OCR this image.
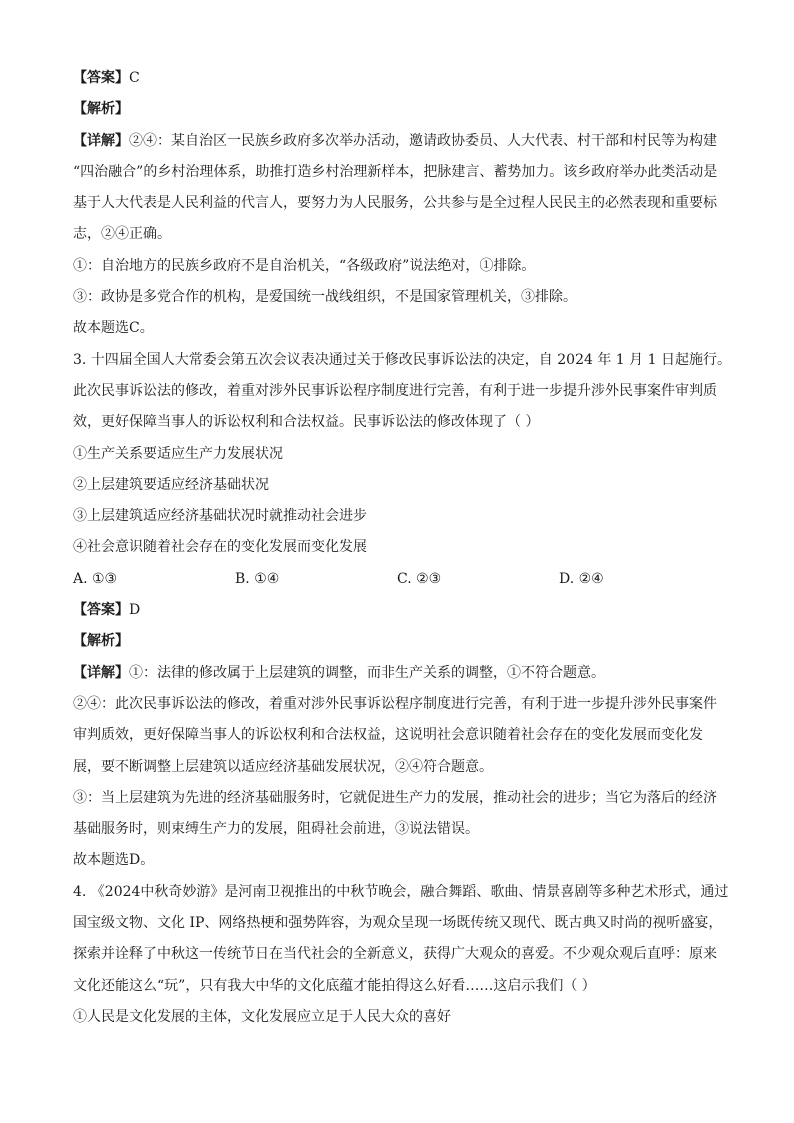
【答案】C
【解析】
【详解】②④：某自治区一民族乡政府多次举办活动，邀请政协委员、人大代表、村干部和村民等为构建
“四治融合”的乡村治理体系，助推打造乡村治理新样本，把脉建言、蓄势加力。该乡政府举办此类活动是
基于人大代表是人民利益的代言人，要努力为人民服务，公共参与是全过程人民民主的必然表现和重要标
志，②④正确。
①：自治地方的民族乡政府不是自治机关，“各级政府”说法绝对，①排除。
③：政协是多党合作的机构，是爱国统一战线组织，不是国家管理机关，③排除。
故本题选C。
3. 十四届全国人大常委会第五次会议表决通过关于修改民事诉讼法的决定，自 2024 年 1 月 1 日起施行。
此次民事诉讼法的修改，着重对涉外民事诉讼程序制度进行完善，有利于进一步提升涉外民事案件审判质
效，更好保障当事人的诉讼权利和合法权益。民事诉讼法的修改体现了（ ）
①生产关系要适应生产力发展状况
②上层建筑要适应经济基础状况
③上层建筑适应经济基础状况时就推动社会进步
④社会意识随着社会存在的变化发展而变化发展
A. ①③	B. ①④	C. ②③	D. ②④
【答案】D
【解析】
【详解】①：法律的修改属于上层建筑的调整，而非生产关系的调整，①不符合题意。
②④：此次民事诉讼法的修改，着重对涉外民事诉讼程序制度进行完善，有利于进一步提升涉外民事案件
审判质效，更好保障当事人的诉讼权利和合法权益，这说明社会意识随着社会存在的变化发展而变化发
展，要不断调整上层建筑以适应经济基础发展状况，②④符合题意。
③：当上层建筑为先进的经济基础服务时，它就促进生产力的发展，推动社会的进步；当它为落后的经济
基础服务时，则束缚生产力的发展，阻碍社会前进，③说法错误。
故本题选D。
4. 《2024中秋奇妙游》是河南卫视推出的中秋节晚会，融合舞蹈、歌曲、情景喜剧等多种艺术形式，通过
国宝级文物、文化 IP、网络热梗和强势阵容，为观众呈现一场既传统又现代、既古典又时尚的视听盛宴，
探索并诠释了中秋这一传统节日在当代社会的全新意义，获得广大观众的喜爱。不少观众观后直呼：原来
文化还能这么“玩”，只有我大中华的文化底蕴才能拍得这么好看……这启示我们（ ）
①人民是文化发展的主体，文化发展应立足于人民大众的喜好
